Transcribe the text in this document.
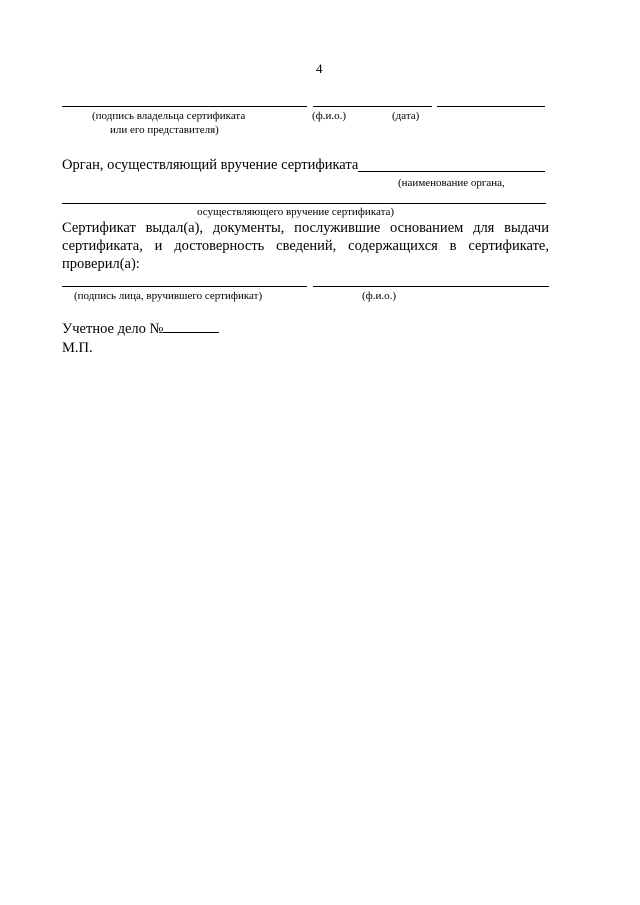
4
(подпись владельца сертификата
или его представителя)
(ф.и.о.)	(дата)
Орган, осуществляющий вручение сертификата
(наименование органа,
осуществляющего вручение сертификата)
Сертификат выдал(а), документы, послужившие основанием для выдачи
сертификата, и достоверность сведений, содержащихся в сертификате,
проверил(а):
(подпись лица, вручившего сертификат)	(ф.и.о.)
Учетное дело №
М.П.
